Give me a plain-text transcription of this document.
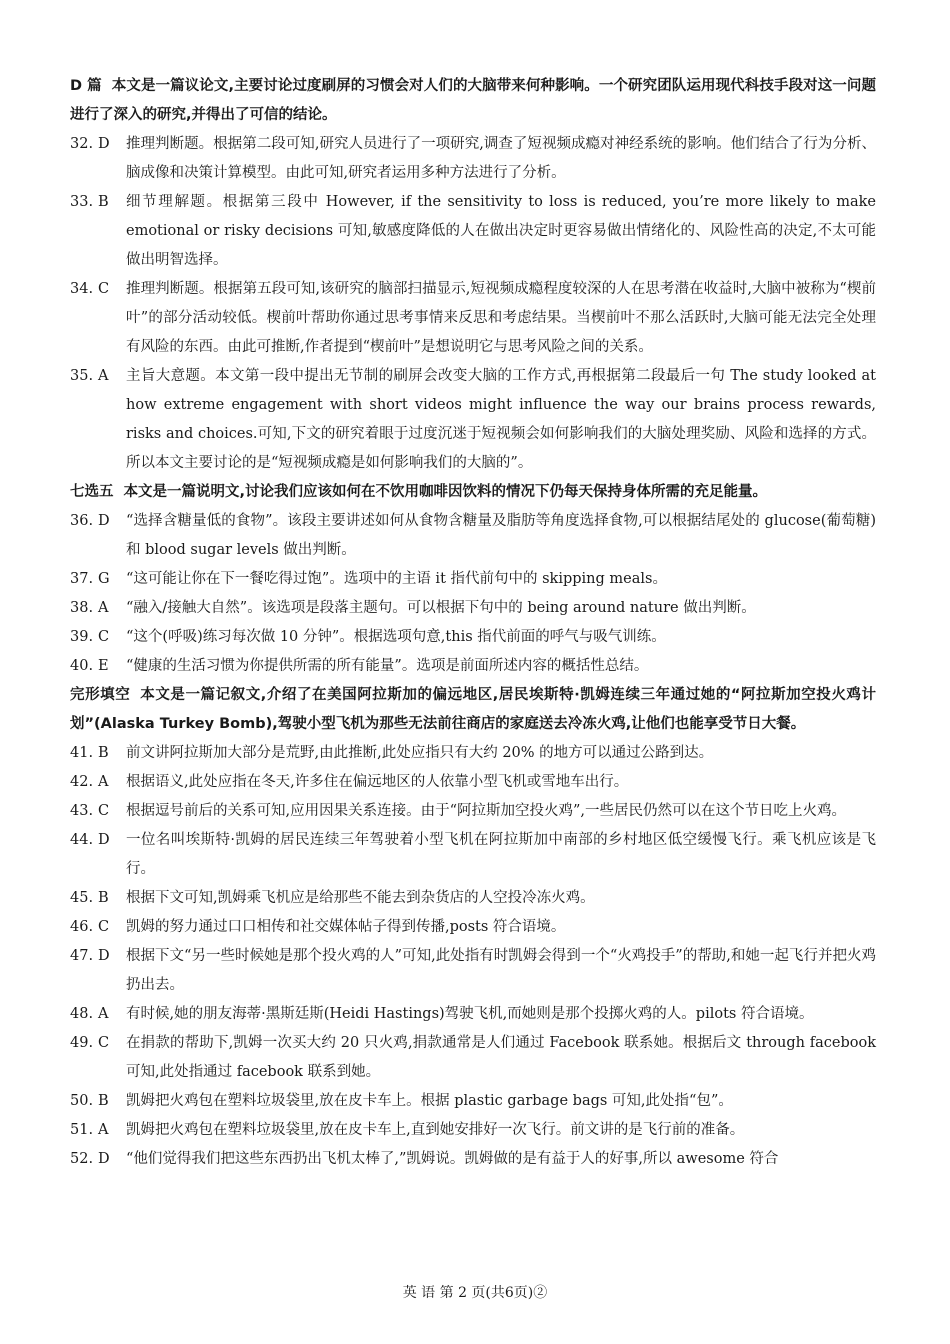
D 篇 本文是一篇议论文,主要讨论过度刷屏的习惯会对人们的大脑带来何种影响。一个研究团队运用现代科技手段对这一问题进行了深入的研究,并得出了可信的结论。

32. D	推理判断题。根据第二段可知,研究人员进行了一项研究,调查了短视频成瘾对神经系统的影响。他们结合了行为分析、脑成像和决策计算模型。由此可知,研究者运用多种方法进行了分析。
33. B	细节理解题。根据第三段中 However, if the sensitivity to loss is reduced, you’re more likely to make emotional or risky decisions 可知,敏感度降低的人在做出决定时更容易做出情绪化的、风险性高的决定,不太可能做出明智选择。
34. C	推理判断题。根据第五段可知,该研究的脑部扫描显示,短视频成瘾程度较深的人在思考潜在收益时,大脑中被称为“楔前叶”的部分活动较低。楔前叶帮助你通过思考事情来反思和考虑结果。当楔前叶不那么活跃时,大脑可能无法完全处理有风险的东西。由此可推断,作者提到“楔前叶”是想说明它与思考风险之间的关系。
35. A	主旨大意题。本文第一段中提出无节制的刷屏会改变大脑的工作方式,再根据第二段最后一句 The study looked at how extreme engagement with short videos might influence the way our brains process rewards, risks and choices.可知,下文的研究着眼于过度沉迷于短视频会如何影响我们的大脑处理奖励、风险和选择的方式。所以本文主要讨论的是“短视频成瘾是如何影响我们的大脑的”。

七选五 本文是一篇说明文,讨论我们应该如何在不饮用咖啡因饮料的情况下仍每天保持身体所需的充足能量。

36. D	“选择含糖量低的食物”。该段主要讲述如何从食物含糖量及脂肪等角度选择食物,可以根据结尾处的 glucose(葡萄糖)和 blood sugar levels 做出判断。
37. G	“这可能让你在下一餐吃得过饱”。选项中的主语 it 指代前句中的 skipping meals。
38. A	“融入/接触大自然”。该选项是段落主题句。可以根据下句中的 being around nature 做出判断。
39. C	“这个(呼吸)练习每次做 10 分钟”。根据选项句意,this 指代前面的呼气与吸气训练。
40. E	“健康的生活习惯为你提供所需的所有能量”。选项是前面所述内容的概括性总结。

完形填空 本文是一篇记叙文,介绍了在美国阿拉斯加的偏远地区,居民埃斯特·凯姆连续三年通过她的“阿拉斯加空投火鸡计划”(Alaska Turkey Bomb),驾驶小型飞机为那些无法前往商店的家庭送去冷冻火鸡,让他们也能享受节日大餐。

41. B	前文讲阿拉斯加大部分是荒野,由此推断,此处应指只有大约 20% 的地方可以通过公路到达。
42. A	根据语义,此处应指在冬天,许多住在偏远地区的人依靠小型飞机或雪地车出行。
43. C	根据逗号前后的关系可知,应用因果关系连接。由于“阿拉斯加空投火鸡”,一些居民仍然可以在这个节日吃上火鸡。
44. D	一位名叫埃斯特·凯姆的居民连续三年驾驶着小型飞机在阿拉斯加中南部的乡村地区低空缓慢飞行。乘飞机应该是飞行。
45. B	根据下文可知,凯姆乘飞机应是给那些不能去到杂货店的人空投冷冻火鸡。
46. C	凯姆的努力通过口口相传和社交媒体帖子得到传播,posts 符合语境。
47. D	根据下文“另一些时候她是那个投火鸡的人”可知,此处指有时凯姆会得到一个“火鸡投手”的帮助,和她一起飞行并把火鸡扔出去。
48. A	有时候,她的朋友海蒂·黑斯廷斯(Heidi Hastings)驾驶飞机,而她则是那个投掷火鸡的人。pilots 符合语境。
49. C	在捐款的帮助下,凯姆一次买大约 20 只火鸡,捐款通常是人们通过 Facebook 联系她。根据后文 through facebook 可知,此处指通过 facebook 联系到她。
50. B	凯姆把火鸡包在塑料垃圾袋里,放在皮卡车上。根据 plastic garbage bags 可知,此处指“包”。
51. A	凯姆把火鸡包在塑料垃圾袋里,放在皮卡车上,直到她安排好一次飞行。前文讲的是飞行前的准备。
52. D	“他们觉得我们把这些东西扔出飞机太棒了,”凯姆说。凯姆做的是有益于人的好事,所以 awesome 符合
英 语 第 2 页(共6页)②
